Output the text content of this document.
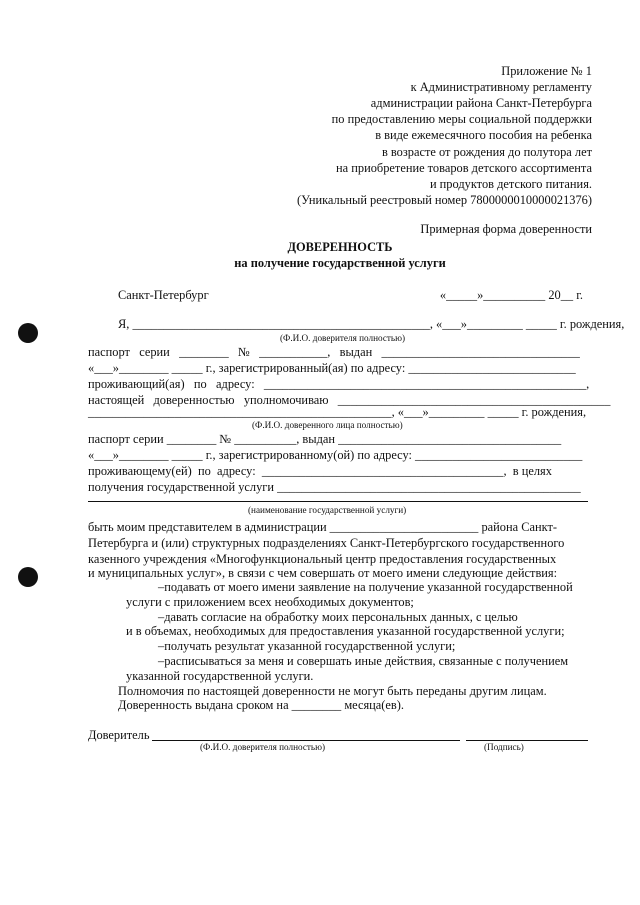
Приложение № 1
к Административному регламенту
администрации района Санкт-Петербурга
по предоставлению меры социальной поддержки
в виде ежемесячного пособия на ребенка
в возрасте от рождения до полутора лет
на приобретение товаров детского ассортимента
и продуктов детского питания.
(Уникальный реестровый номер 7800000010000021376)
Примерная форма доверенности
ДОВЕРЕННОСТЬ
на получение государственной услуги
Санкт-Петербург	«_____»__________ 20__ г.
Я, ________________________________________________, «___»_________ _____ г. рождения,
(Ф.И.О. доверителя полностью)
паспорт   серии   ________   №   ___________,   выдан   ________________________________
«___»________ _____ г., зарегистрированный(ая) по адресу: ___________________________
проживающий(ая)   по   адресу:   ____________________________________________________,
настоящей   доверенностью   уполномочиваю   ____________________________________________
_________________________________________________, «___»_________ _____ г. рождения,
(Ф.И.О. доверенного лица полностью)
паспорт серии ________ № __________, выдан ____________________________________
«___»________ _____ г., зарегистрированному(ой) по адресу: ___________________________
проживающему(ей)  по  адресу:  _______________________________________,  в целях
получения государственной услуги _________________________________________________
(наименование государственной услуги)
быть моим представителем в администрации ________________________ района Санкт-
Петербурга и (или) структурных подразделениях Санкт-Петербургского государственного
казенного учреждения «Многофункциональный центр предоставления государственных
и муниципальных услуг», в связи с чем совершать от моего имени следующие действия:
–подавать от моего имени заявление на получение указанной государственной
услуги с приложением всех необходимых документов;
–давать согласие на обработку моих персональных данных, с целью
и в объемах, необходимых для предоставления указанной государственной услуги;
–получать результат указанной государственной услуги;
–расписываться за меня и совершать иные действия, связанные с получением
указанной государственной услуги.
Полномочия по настоящей доверенности не могут быть переданы другим лицам.
Доверенность выдана сроком на ________ месяца(ев).
Доверитель
(Ф.И.О. доверителя полностью)	(Подпись)
